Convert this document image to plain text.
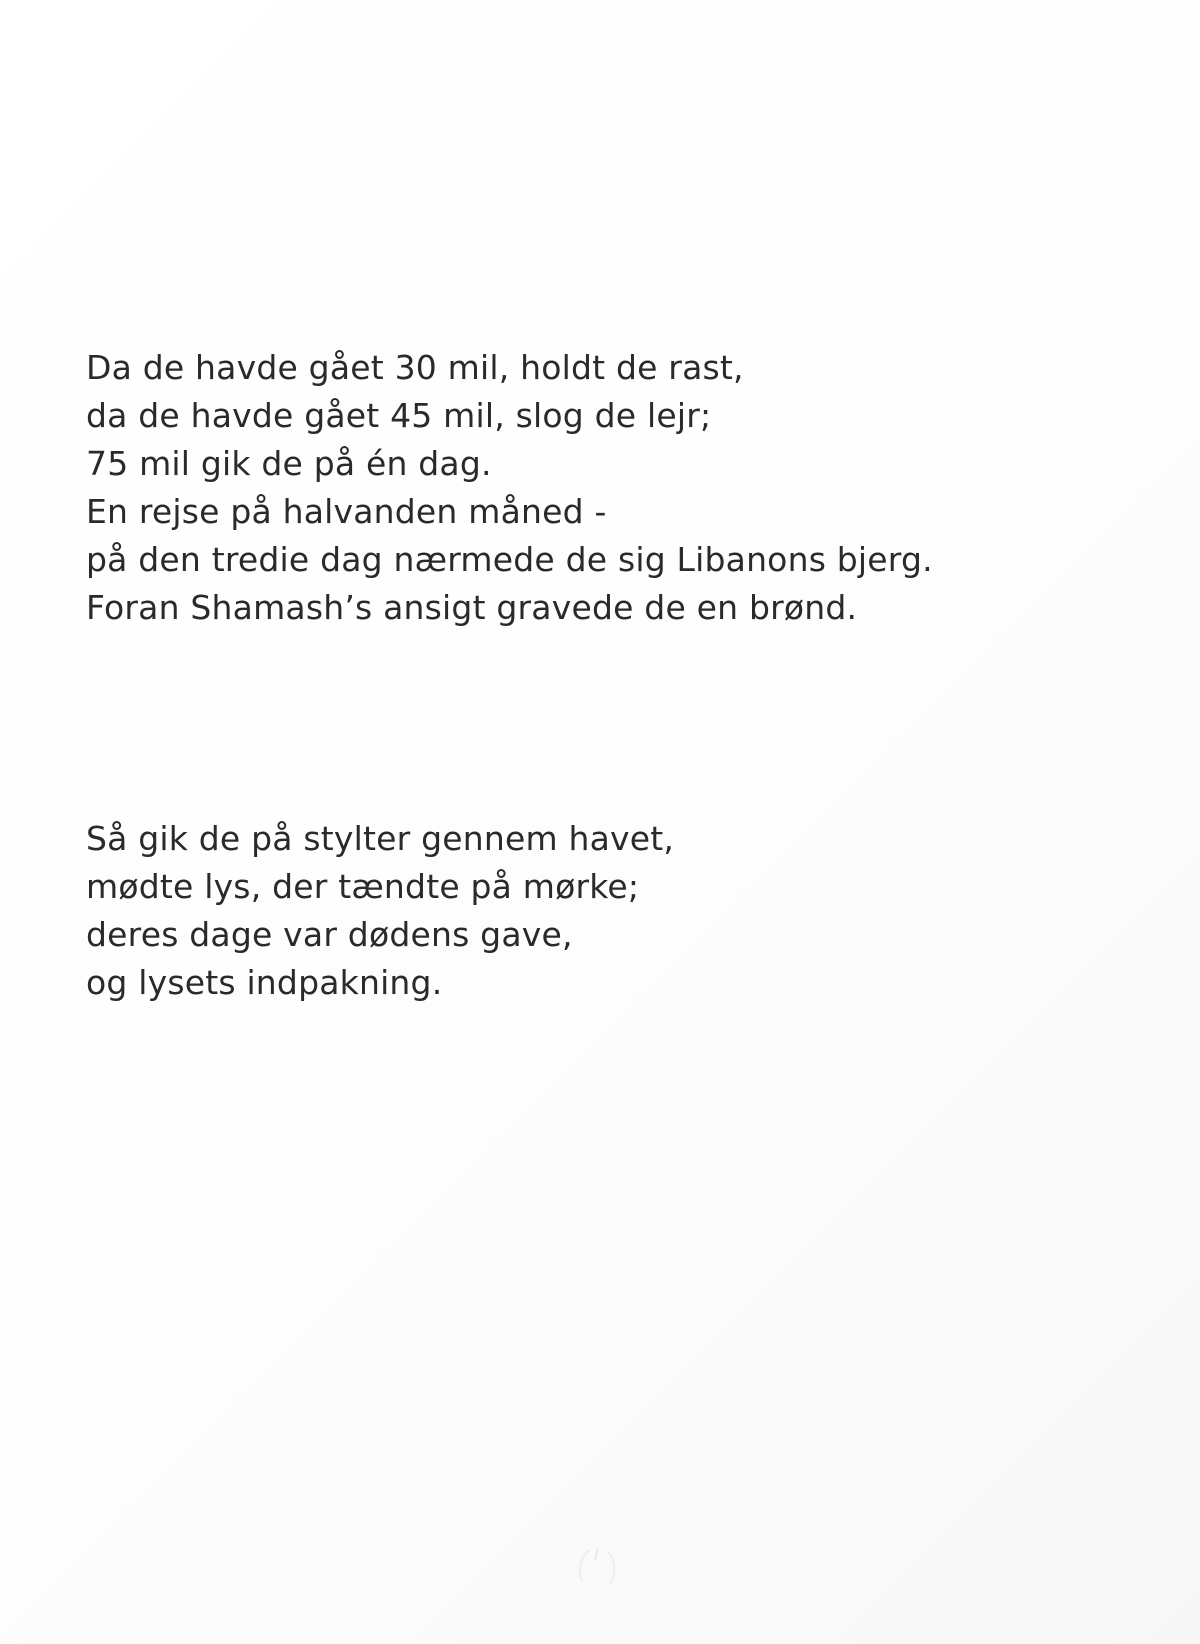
Da de havde gået 30 mil, holdt de rast,
da de havde gået 45 mil, slog de lejr;
75 mil gik de på én dag.
En rejse på halvanden måned -
på den tredie dag nærmede de sig Libanons bjerg.
Foran Shamash’s ansigt gravede de en brønd.
Så gik de på stylter gennem havet,
mødte lys, der tændte på mørke;
deres dage var dødens gave,
og lysets indpakning.
